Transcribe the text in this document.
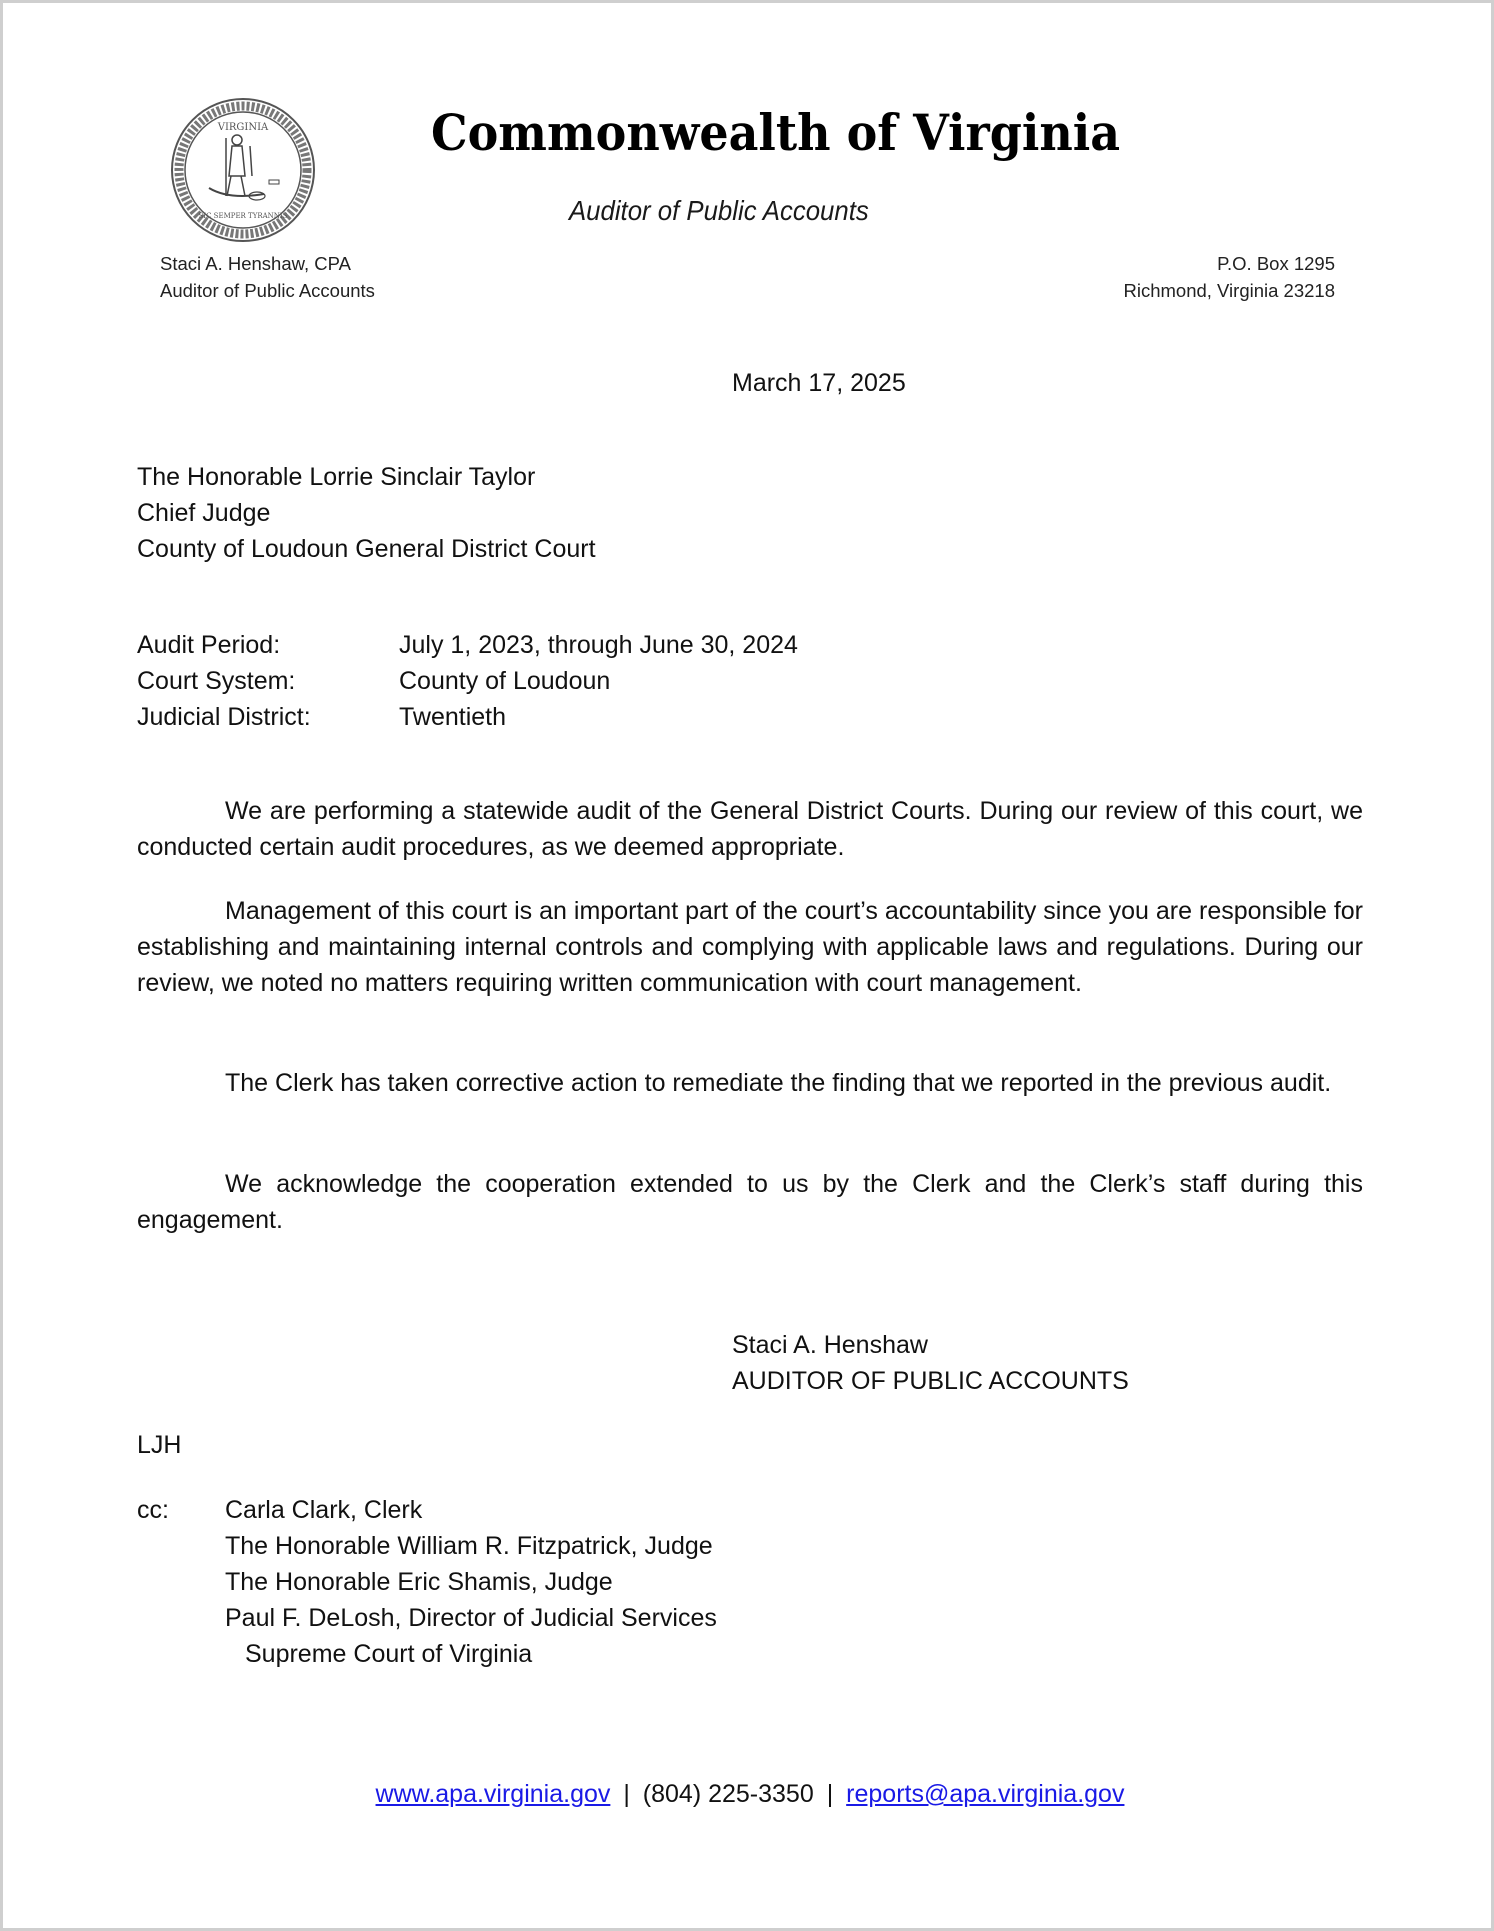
VIRGINIA
SIC SEMPER TYRANNIS
Commonwealth of Virginia
Auditor of Public Accounts
Staci A. Henshaw, CPA
Auditor of Public Accounts
P.O. Box 1295
Richmond, Virginia 23218
March 17, 2025
The Honorable Lorrie Sinclair Taylor
Chief Judge
County of Loudoun General District Court
Audit Period:	July 1, 2023, through June 30, 2024
Court System:	County of Loudoun
Judicial District:	Twentieth
We are performing a statewide audit of the General District Courts. During our review of this court, we conducted certain audit procedures, as we deemed appropriate.
Management of this court is an important part of the court’s accountability since you are responsible for establishing and maintaining internal controls and complying with applicable laws and regulations. During our review, we noted no matters requiring written communication with court management.
The Clerk has taken corrective action to remediate the finding that we reported in the previous audit.
We acknowledge the cooperation extended to us by the Clerk and the Clerk’s staff during this engagement.
Staci A. Henshaw
AUDITOR OF PUBLIC ACCOUNTS
LJH
cc:	Carla Clark, Clerk
The Honorable William R. Fitzpatrick, Judge
The Honorable Eric Shamis, Judge
Paul F. DeLosh, Director of Judicial Services
Supreme Court of Virginia
www.apa.virginia.gov | (804) 225-3350 | reports@apa.virginia.gov
